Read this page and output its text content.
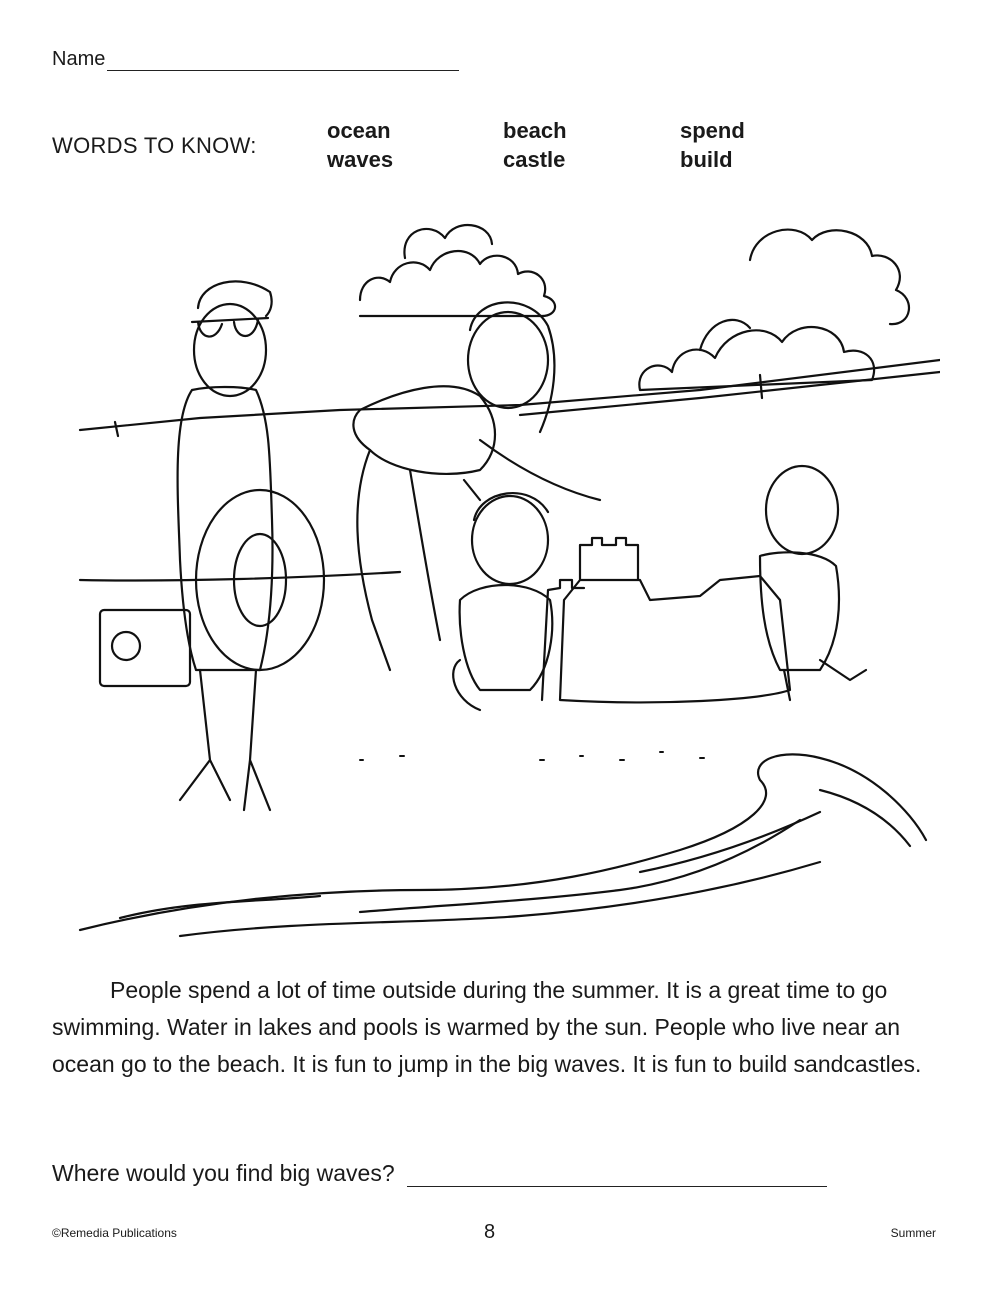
Name
WORDS TO KNOW:
ocean
waves
beach
castle
spend
build

People spend a lot of time outside during the summer. It is a great time to go swimming. Water in lakes and pools is warmed by the sun. People who live near an ocean go to the beach. It is fun to jump in the big waves. It is fun to build sandcastles.

Where would you find big waves?
©Remedia Publications	8	Summer
